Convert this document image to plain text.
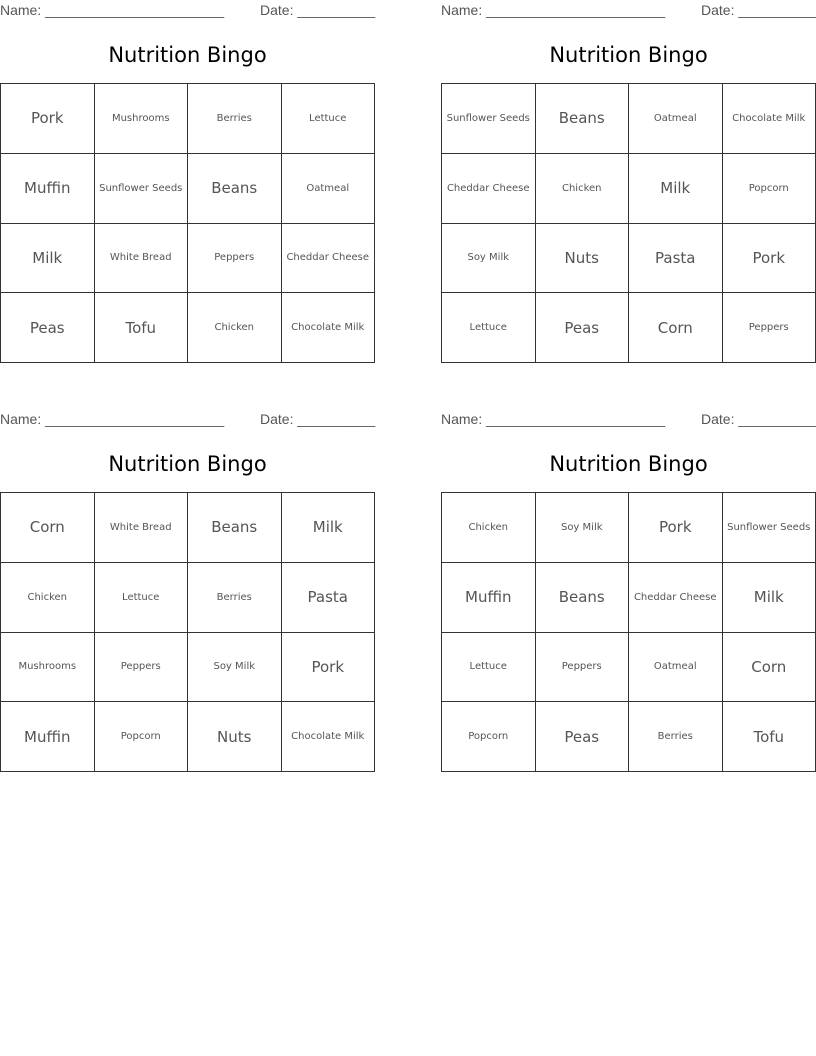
Name: _______________________	Date: __________
Nutrition Bingo
Pork	Mushrooms	Berries	Lettuce
Muffin	Sunflower Seeds	Beans	Oatmeal
Milk	White Bread	Peppers	Cheddar Cheese
Peas	Tofu	Chicken	Chocolate Milk
Name: _______________________	Date: __________
Nutrition Bingo
Sunflower Seeds	Beans	Oatmeal	Chocolate Milk
Cheddar Cheese	Chicken	Milk	Popcorn
Soy Milk	Nuts	Pasta	Pork
Lettuce	Peas	Corn	Peppers
Name: _______________________	Date: __________
Nutrition Bingo
Corn	White Bread	Beans	Milk
Chicken	Lettuce	Berries	Pasta
Mushrooms	Peppers	Soy Milk	Pork
Muffin	Popcorn	Nuts	Chocolate Milk
Name: _______________________	Date: __________
Nutrition Bingo
Chicken	Soy Milk	Pork	Sunflower Seeds
Muffin	Beans	Cheddar Cheese	Milk
Lettuce	Peppers	Oatmeal	Corn
Popcorn	Peas	Berries	Tofu
